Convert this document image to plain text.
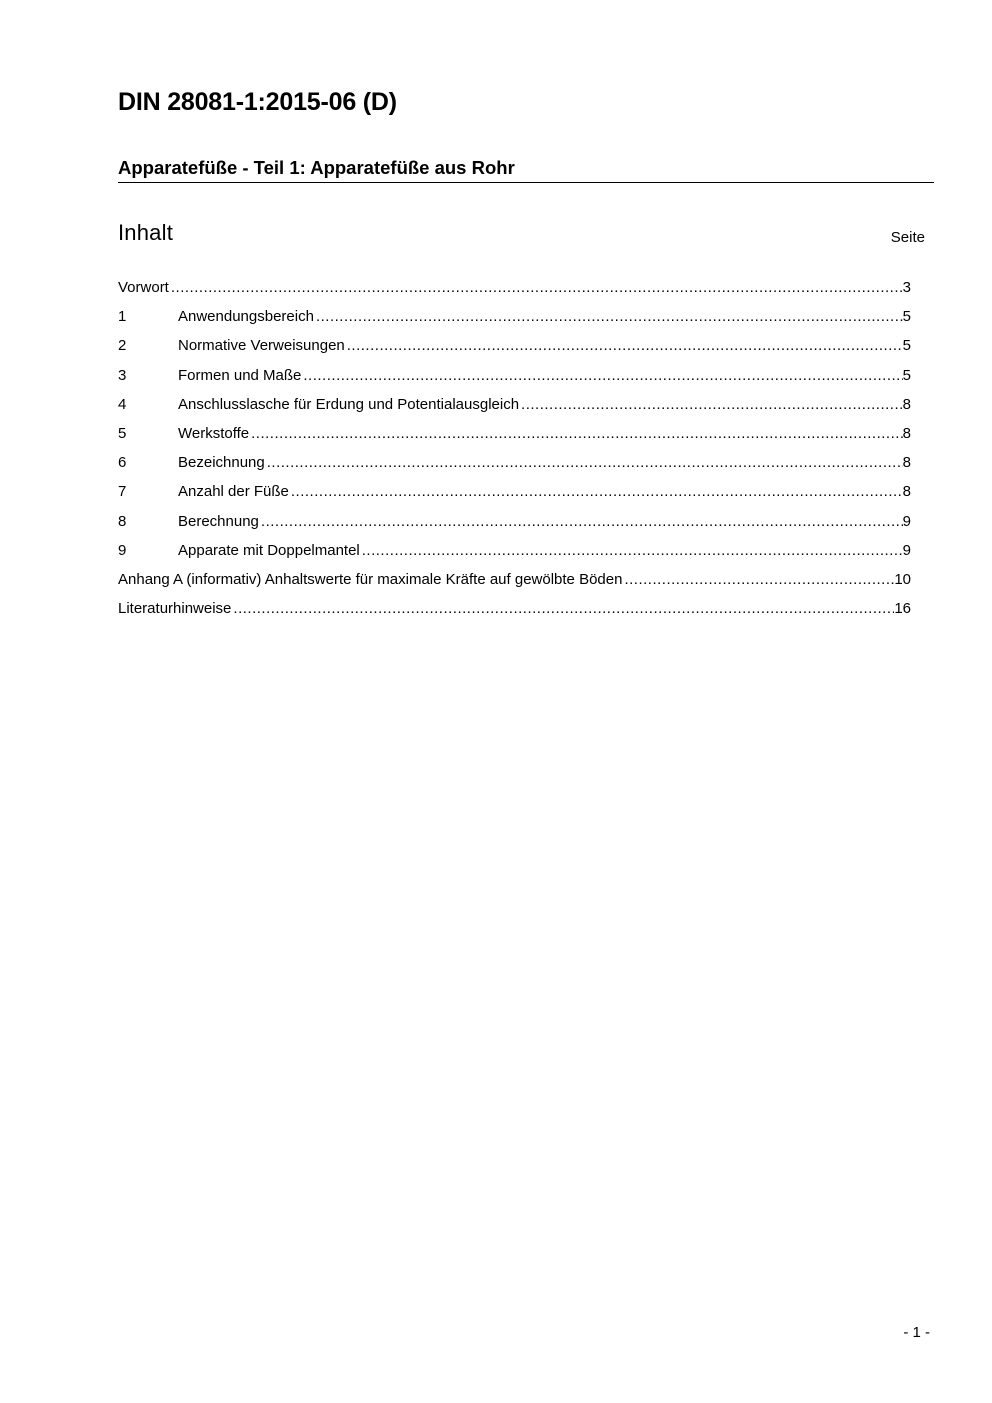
DIN 28081-1:2015-06 (D)
Apparatefüße - Teil 1: Apparatefüße aus Rohr
Inhalt	Seite
Vorwort .....	3
1	Anwendungsbereich .....	5
2	Normative Verweisungen .....	5
3	Formen und Maße .....	5
4	Anschlusslasche für Erdung und Potentialausgleich .....	8
5	Werkstoffe .....	8
6	Bezeichnung .....	8
7	Anzahl der Füße .....	8
8	Berechnung .....	9
9	Apparate mit Doppelmantel .....	9
Anhang A (informativ) Anhaltswerte für maximale Kräfte auf gewölbte Böden .....	10
Literaturhinweise .....	16
- 1 -
